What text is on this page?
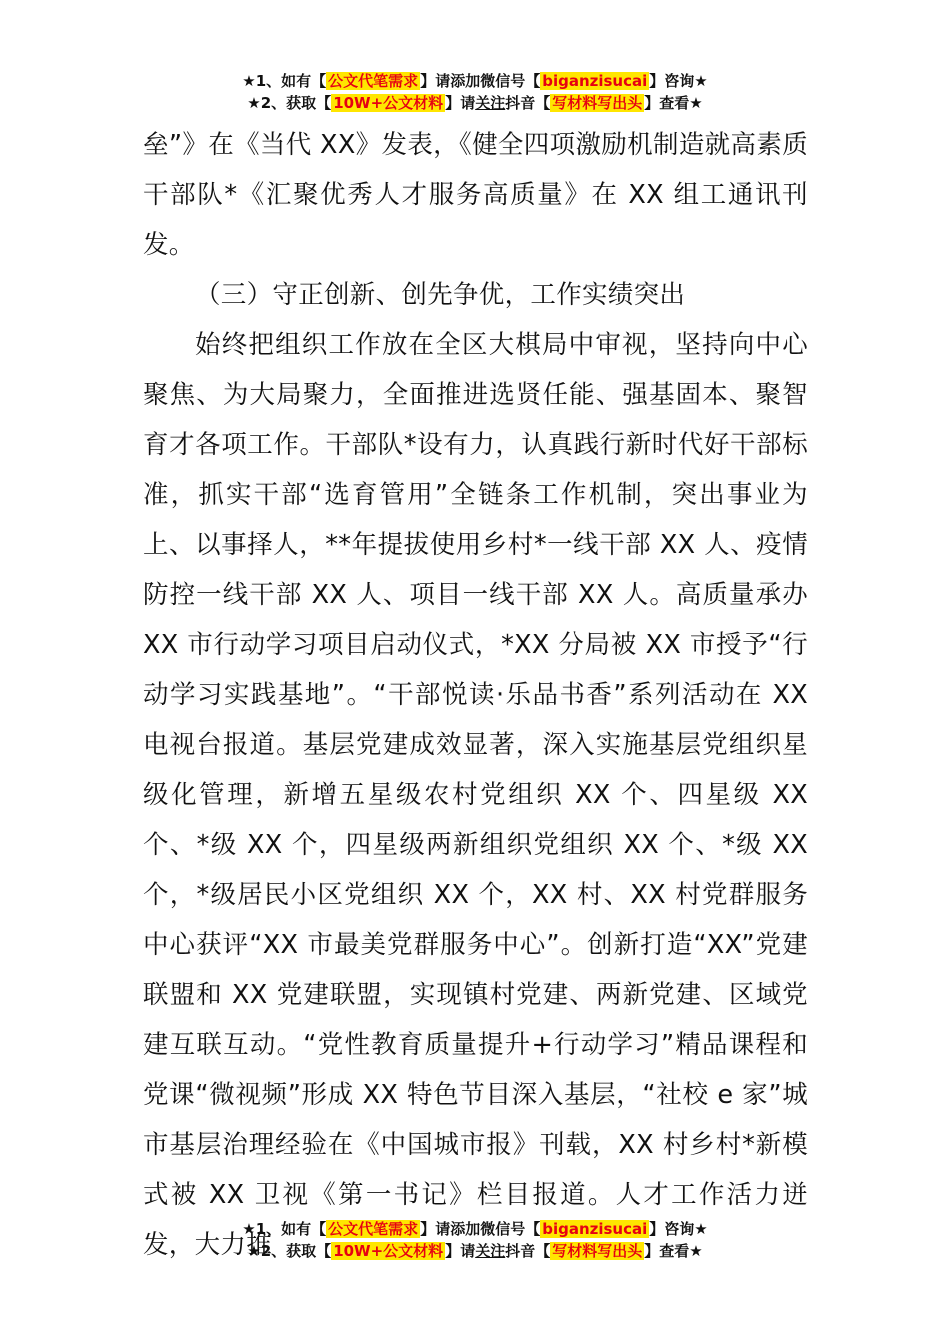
★1、如有【 公文代笔需求 】请添加微信号【 biganzisucai 】咨询★
★2、获取【 10W+公文材料 】请关注抖音【 写材料写出头 】查看★

垒”》在《当代 XX》发表，《健全四项激励机制造就高素质干部队*《汇聚优秀人才服务高质量》在 XX 组工通讯刊发。

（三）守正创新、创先争优，工作实绩突出

始终把组织工作放在全区大棋局中审视，坚持向中心聚焦、为大局聚力，全面推进选贤任能、强基固本、聚智育才各项工作。干部队*设有力，认真践行新时代好干部标准，抓实干部“选育管用”全链条工作机制，突出事业为上、以事择人，**年提拔使用乡村*一线干部 XX 人、疫情防控一线干部 XX 人、项目一线干部 XX 人。高质量承办 XX 市行动学习项目启动仪式，*XX 分局被 XX 市授予“行动学习实践基地”。“干部悦读·乐品书香”系列活动在 XX 电视台报道。基层党建成效显著，深入实施基层党组织星级化管理，新增五星级农村党组织 XX 个、四星级 XX 个、*级 XX 个，四星级两新组织党组织 XX 个、*级 XX 个，*级居民小区党组织 XX 个，XX 村、XX 村党群服务中心获评“XX 市最美党群服务中心”。创新打造“XX”党建联盟和 XX 党建联盟，实现镇村党建、两新党建、区域党建互联互动。“党性教育质量提升+行动学习”精品课程和党课“微视频”形成 XX 特色节目深入基层，“社校 e 家”城市基层治理经验在《中国城市报》刊载，XX 村乡村*新模式被 XX 卫视《第一书记》栏目报道。人才工作活力迸发，大力推

★1、如有【 公文代笔需求 】请添加微信号【 biganzisucai 】咨询★
★2、获取【 10W+公文材料 】请关注抖音【 写材料写出头 】查看★
